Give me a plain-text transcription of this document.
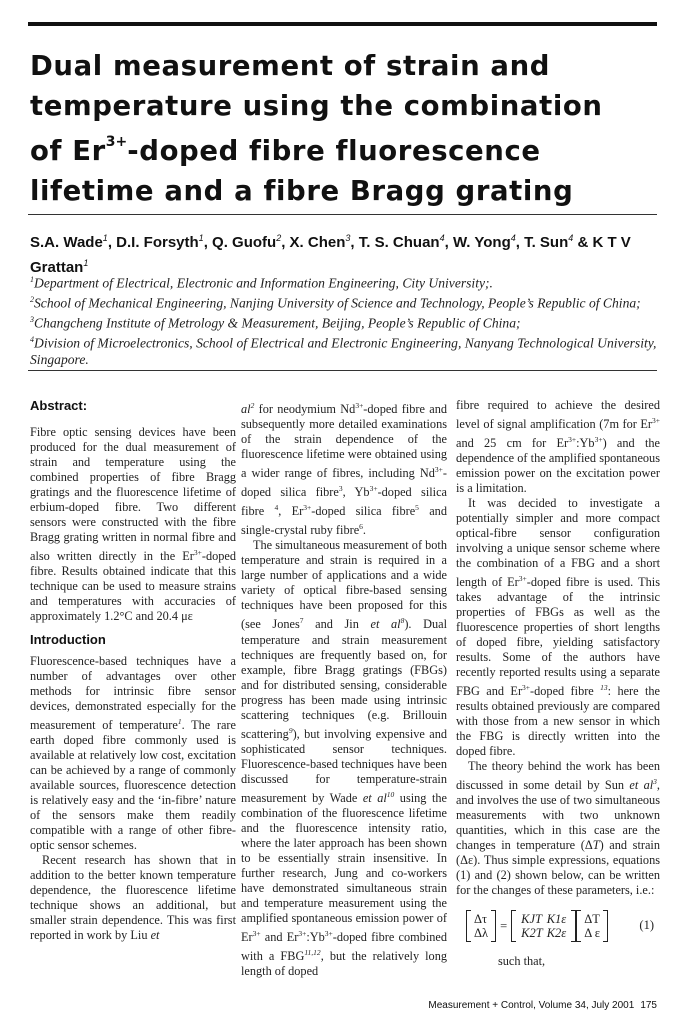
Dual measurement of strain and
temperature using the combination
of $Er^{3+}$-doped fibre fluorescence
lifetime and a fibre Bragg grating

S.A. Wade$^1$, D.I. Forsyth$^1$, Q. Guofu$^2$, X. Chen$^3$, T. S. Chuan$^4$, W. Yong$^4$, T. Sun$^4$ & K T V Grattan$^1$

$^1$Department of Electrical, Electronic and Information Engineering, City University;.

$^2$School of Mechanical Engineering, Nanjing University of Science and Technology, People’s Republic of China;

$^3$Changcheng Institute of Metrology & Measurement, Beijing, People’s Republic of China;

$^4$Division of Microelectronics, School of Electrical and Electronic Engineering, Nanyang Technological University, Singapore.

Abstract:

Fibre optic sensing devices have been produced for the dual measurement of strain and temperature using the combined properties of fibre Bragg gratings and the fluorescence lifetime of erbium-doped fibre. Two different sensors were constructed with the fibre Bragg grating written in normal fibre and also written directly in the $Er^{3+}$-doped fibre. Results obtained indicate that this technique can be used to measure strains and temperatures with accuracies of approximately 1.2°C and 20.4 με

Introduction

Fluorescence-based techniques have a number of advantages over other methods for intrinsic fibre sensor devices, demonstrated especially for the measurement of temperature$^1$. The rare earth doped fibre commonly used is available at relatively low cost, excitation can be achieved by a range of commonly available sources, fluorescence detection is relatively easy and the ‘in-fibre’ nature of the sensors make them readily compatible with a range of other fibre-optic sensor schemes.

Recent research has shown that in addition to the better known temperature dependence, the fluorescence lifetime technique shows an additional, but smaller strain dependence. This was first reported in work by Liu et

$al^2$ for neodymium $Nd^{3+}$-doped fibre and subsequently more detailed examinations of the strain dependence of the fluorescence lifetime were obtained using a wider range of fibres, including $Nd^{3+}$-doped silica fibre$^3$, $Yb^{3+}$-doped silica fibre $^4$, $Er^{3+}$-doped silica fibre$^5$ and single-crystal ruby fibre$^6$.

The simultaneous measurement of both temperature and strain is required in a large number of applications and a wide variety of optical fibre-based sensing techniques have been proposed for this (see Jones$^7$ and Jin et $al^8$). Dual temperature and strain measurement techniques are frequently based on, for example, fibre Bragg gratings (FBGs) and for distributed sensing, considerable progress has been made using intrinsic scattering techniques (e.g. Brillouin scattering$^9$), but involving expensive and sophisticated sensor techniques. Fluorescence-based techniques have been discussed for temperature-strain measurement by Wade et $al^{10}$ using the combination of the fluorescence lifetime and the fluorescence intensity ratio, where the later approach has been shown to be essentially strain insensitive. In further research, Jung and co-workers have demonstrated simultaneous strain and temperature measurement using the amplified spontaneous emission power of $Er^{3+}$ and $Er^{3+}:Yb^{3+}$-doped fibre combined with a FBG$^{11,12}$, but the relatively long length of doped

fibre required to achieve the desired level of signal amplification (7m for $Er^{3+}$ and 25 cm for $Er^{3+}:Yb^{3+}$) and the dependence of the amplified spontaneous emission power on the excitation power is a limitation.

It was decided to investigate a potentially simpler and more compact optical-fibre sensor configuration involving a unique sensor scheme where the combination of a FBG and a short length of $Er^{3+}$-doped fibre is used. This takes advantage of the intrinsic properties of FBGs as well as the fluorescence properties of short lengths of doped fibre, yielding satisfactory results. Some of the authors have recently reported results using a separate FBG and $Er^{3+}$-doped fibre $^{13}$: here the results obtained previously are compared with those from a new sensor in which the FBG is directly written into the doped fibre.

The theory behind the work has been discussed in some detail by Sun et $al^3$, and involves the use of two simultaneous measurements with two unknown quantities, which in this case are the changes in temperature (ΔT) and strain (Δε). Thus simple expressions, equations (1) and (2) shown below, can be written for the changes of these parameters, i.e.:

Δτ
Δλ
=	KJT
K2T
K1ε
K2ε
ΔT
Δ ε
(1)

such that,

Measurement + Control, Volume 34, July 2001 175
